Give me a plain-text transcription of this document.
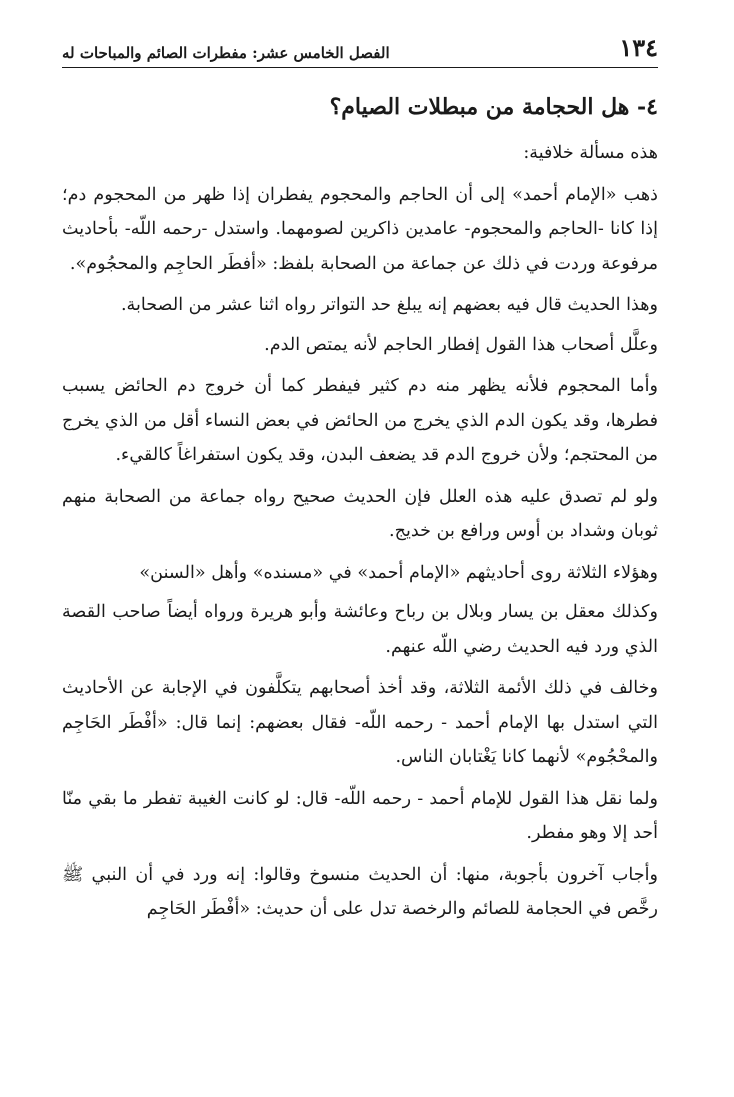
١٣٤
الفصل الخامس عشر: مفطرات الصائم والمباحات له
٤- هل الحجامة من مبطلات الصيام؟

هذه مسألة خلافية:

ذهب «الإمام أحمد» إلى أن الحاجم والمحجوم يفطران إذا ظهر من المحجوم دم؛ إذا كانا -الحاجم والمحجوم- عامدين ذاكرين لصومهما. واستدل -رحمه اللّه- بأحاديث مرفوعة وردت في ذلك عن جماعة من الصحابة بلفظ: «أفطَر الحاجِم والمحجُوم».

وهذا الحديث قال فيه بعضهم إنه يبلغ حد التواتر رواه اثنا عشر من الصحابة.

وعلَّل أصحاب هذا القول إفطار الحاجم لأنه يمتص الدم.

وأما المحجوم فلأنه يظهر منه دم كثير فيفطر كما أن خروج دم الحائض يسبب فطرها، وقد يكون الدم الذي يخرج من الحائض في بعض النساء أقل من الذي يخرج من المحتجم؛ ولأن خروج الدم قد يضعف البدن، وقد يكون استفراغاً كالقيء.

ولو لم تصدق عليه هذه العلل فإن الحديث صحيح رواه جماعة من الصحابة منهم ثوبان وشداد بن أوس ورافع بن خديج.

وهؤلاء الثلاثة روى أحاديثهم «الإمام أحمد» في «مسنده» وأهل «السنن»

وكذلك معقل بن يسار وبلال بن رباح وعائشة وأبو هريرة ورواه أيضاً صاحب القصة الذي ورد فيه الحديث رضي اللّه عنهم.

وخالف في ذلك الأئمة الثلاثة، وقد أخذ أصحابهم يتكلَّفون في الإجابة عن الأحاديث التي استدل بها الإمام أحمد - رحمه اللّه- فقال بعضهم: إنما قال: «أفْطَر الحَاجِم والمحْجُوم» لأنهما كانا يَغْتابان الناس.

ولما نقل هذا القول للإمام أحمد - رحمه اللّه- قال: لو كانت الغيبة تفطر ما بقي منّا أحد إلا وهو مفطر.

وأجاب آخرون بأجوبة، منها: أن الحديث منسوخ وقالوا: إنه ورد في أن النبي ﷺ رخَّص في الحجامة للصائم والرخصة تدل على أن حديث: «أفْطَر الحَاجِم
